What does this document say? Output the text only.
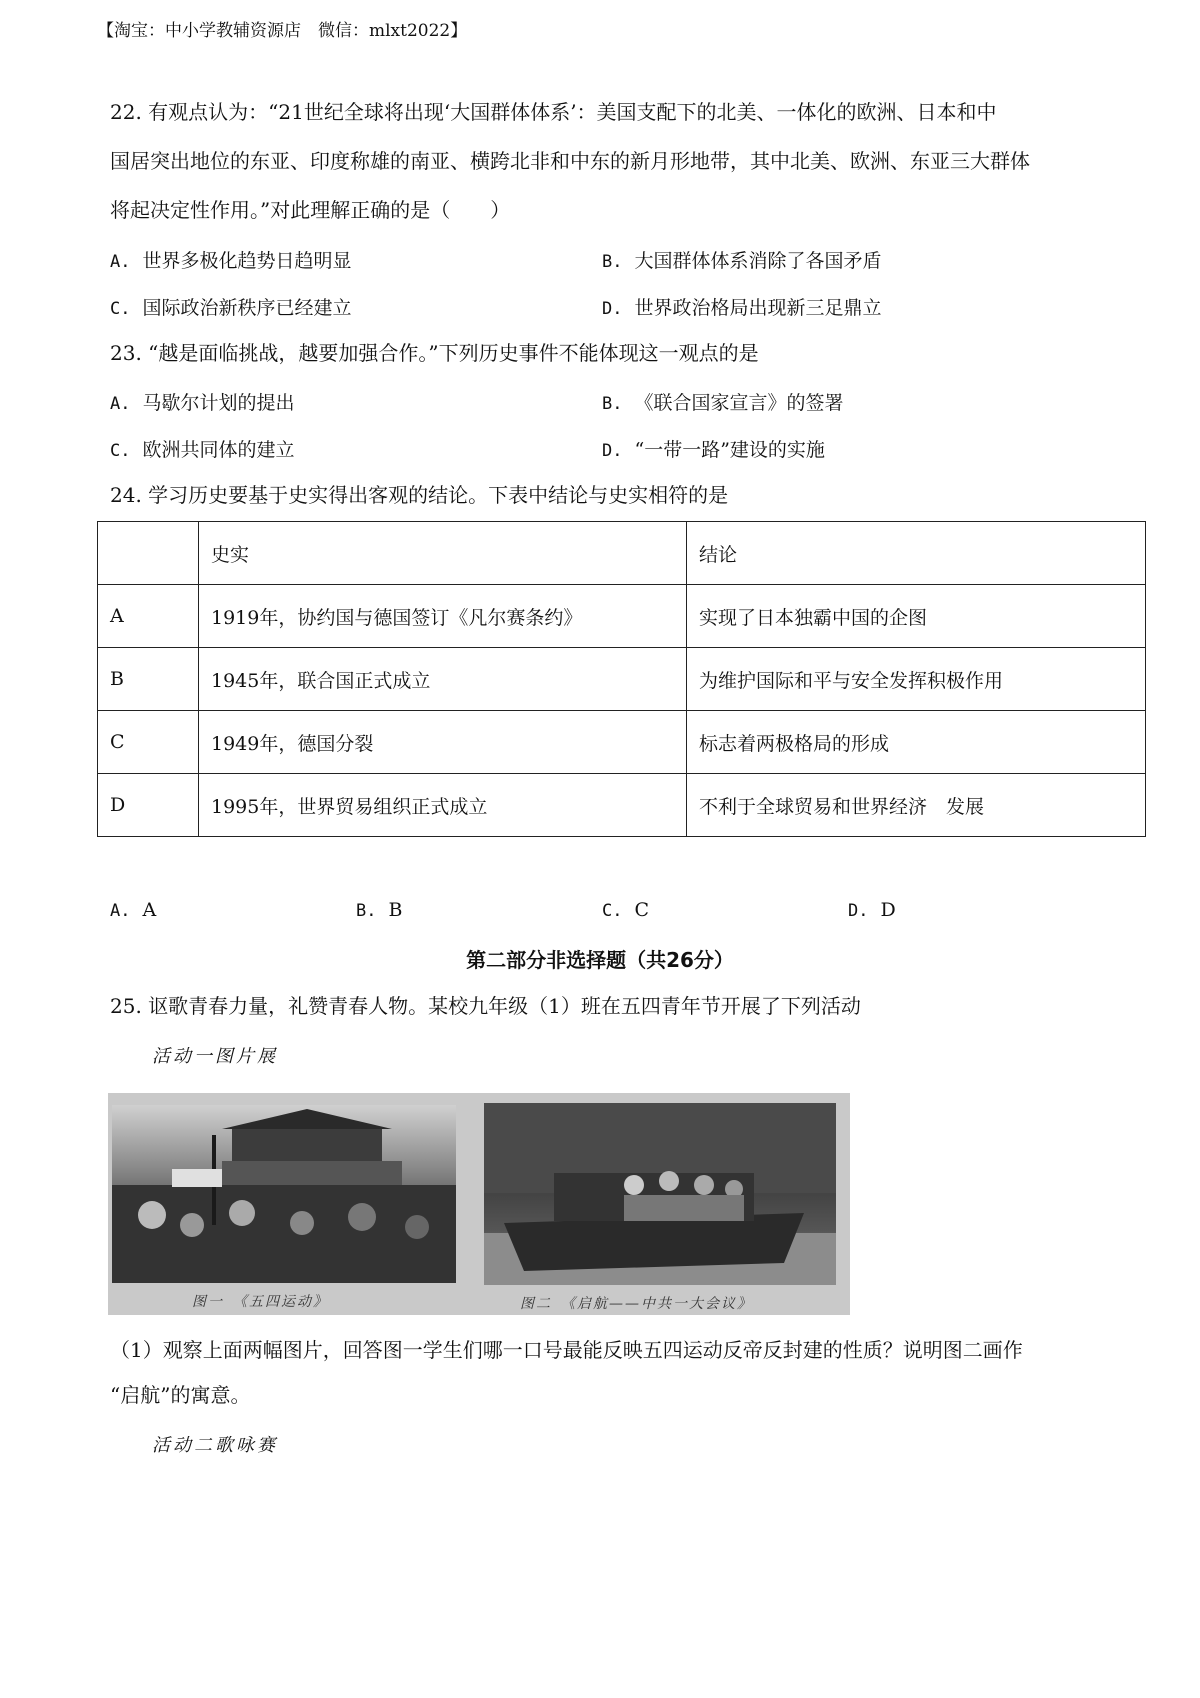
【淘宝：中小学教辅资源店　微信：mlxt2022】
22. 有观点认为：“21世纪全球将出现‘大国群体体系’：美国支配下的北美、一体化的欧洲、日本和中
国居突出地位的东亚、印度称雄的南亚、横跨北非和中东的新月形地带，其中北美、欧洲、东亚三大群体
将起决定性作用。”对此理解正确的是（　　）
A. 世界多极化趋势日趋明显	B. 大国群体体系消除了各国矛盾
C. 国际政治新秩序已经建立	D. 世界政治格局出现新三足鼎立
23. “越是面临挑战，越要加强合作。”下列历史事件不能体现这一观点的是
A. 马歇尔计划的提出	B. 《联合国家宣言》的签署
C. 欧洲共同体的建立	D. “一带一路”建设的实施
24. 学习历史要基于史实得出客观的结论。下表中结论与史实相符的是
	史实	结论
A	1919年，协约国与德国签订《凡尔赛条约》	实现了日本独霸中国的企图
B	1945年，联合国正式成立	为维护国际和平与安全发挥积极作用
C	1949年，德国分裂	标志着两极格局的形成
D	1995年，世界贸易组织正式成立	不利于全球贸易和世界经济　发展
A. A	B. B	C. C	D. D
第二部分非选择题（共26分）
25. 讴歌青春力量，礼赞青春人物。某校九年级（1）班在五四青年节开展了下列活动
活动一图片展
图一　《五四运动》	图二　《启航——中共一大会议》
（1）观察上面两幅图片，回答图一学生们哪一口号最能反映五四运动反帝反封建的性质？说明图二画作
“启航”的寓意。
活动二歌咏赛
